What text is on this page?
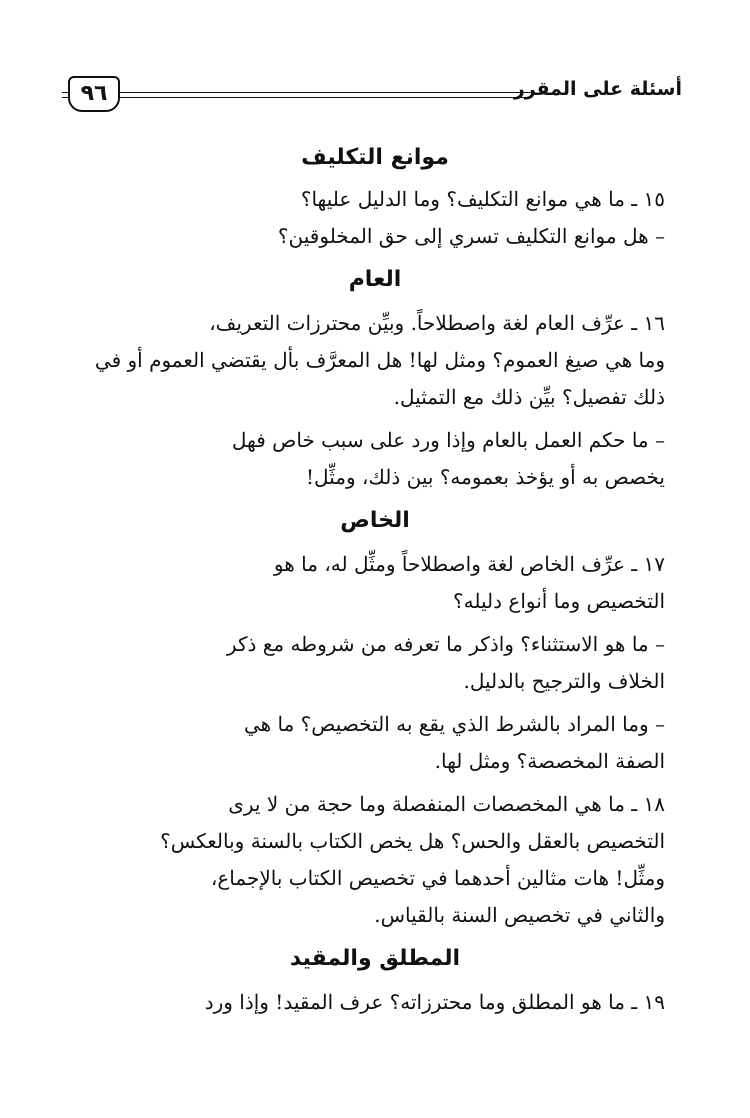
أسئلة على المقرر
٩٦
موانع التكليف

١٥ ـ ما هي موانع التكليف؟ وما الدليل عليها؟

– هل موانع التكليف تسري إلى حق المخلوقين؟

العام

١٦ ـ عرِّف العام لغة واصطلاحاً. وبيِّن محترزات التعريف،
وما هي صيغ العموم؟ ومثل لها! هل المعرَّف بأل يقتضي العموم أو في
ذلك تفصيل؟ بيِّن ذلك مع التمثيل.

– ما حكم العمل بالعام وإذا ورد على سبب خاص فهل
يخصص به أو يؤخذ بعمومه؟ بين ذلك، ومثِّل!

الخاص

١٧ ـ عرِّف الخاص لغة واصطلاحاً ومثِّل له، ما هو
التخصيص وما أنواع دليله؟

– ما هو الاستثناء؟ واذكر ما تعرفه من شروطه مع ذكر
الخلاف والترجيح بالدليل.

– وما المراد بالشرط الذي يقع به التخصيص؟ ما هي
الصفة المخصصة؟ ومثل لها.

١٨ ـ ما هي المخصصات المنفصلة وما حجة من لا يرى
التخصيص بالعقل والحس؟ هل يخص الكتاب بالسنة وبالعكس؟
ومثِّل! هات مثالين أحدهما في تخصيص الكتاب بالإجماع،
والثاني في تخصيص السنة بالقياس.

المطلق والمقيد

١٩ ـ ما هو المطلق وما محترزاته؟ عرف المقيد! وإذا ورد
